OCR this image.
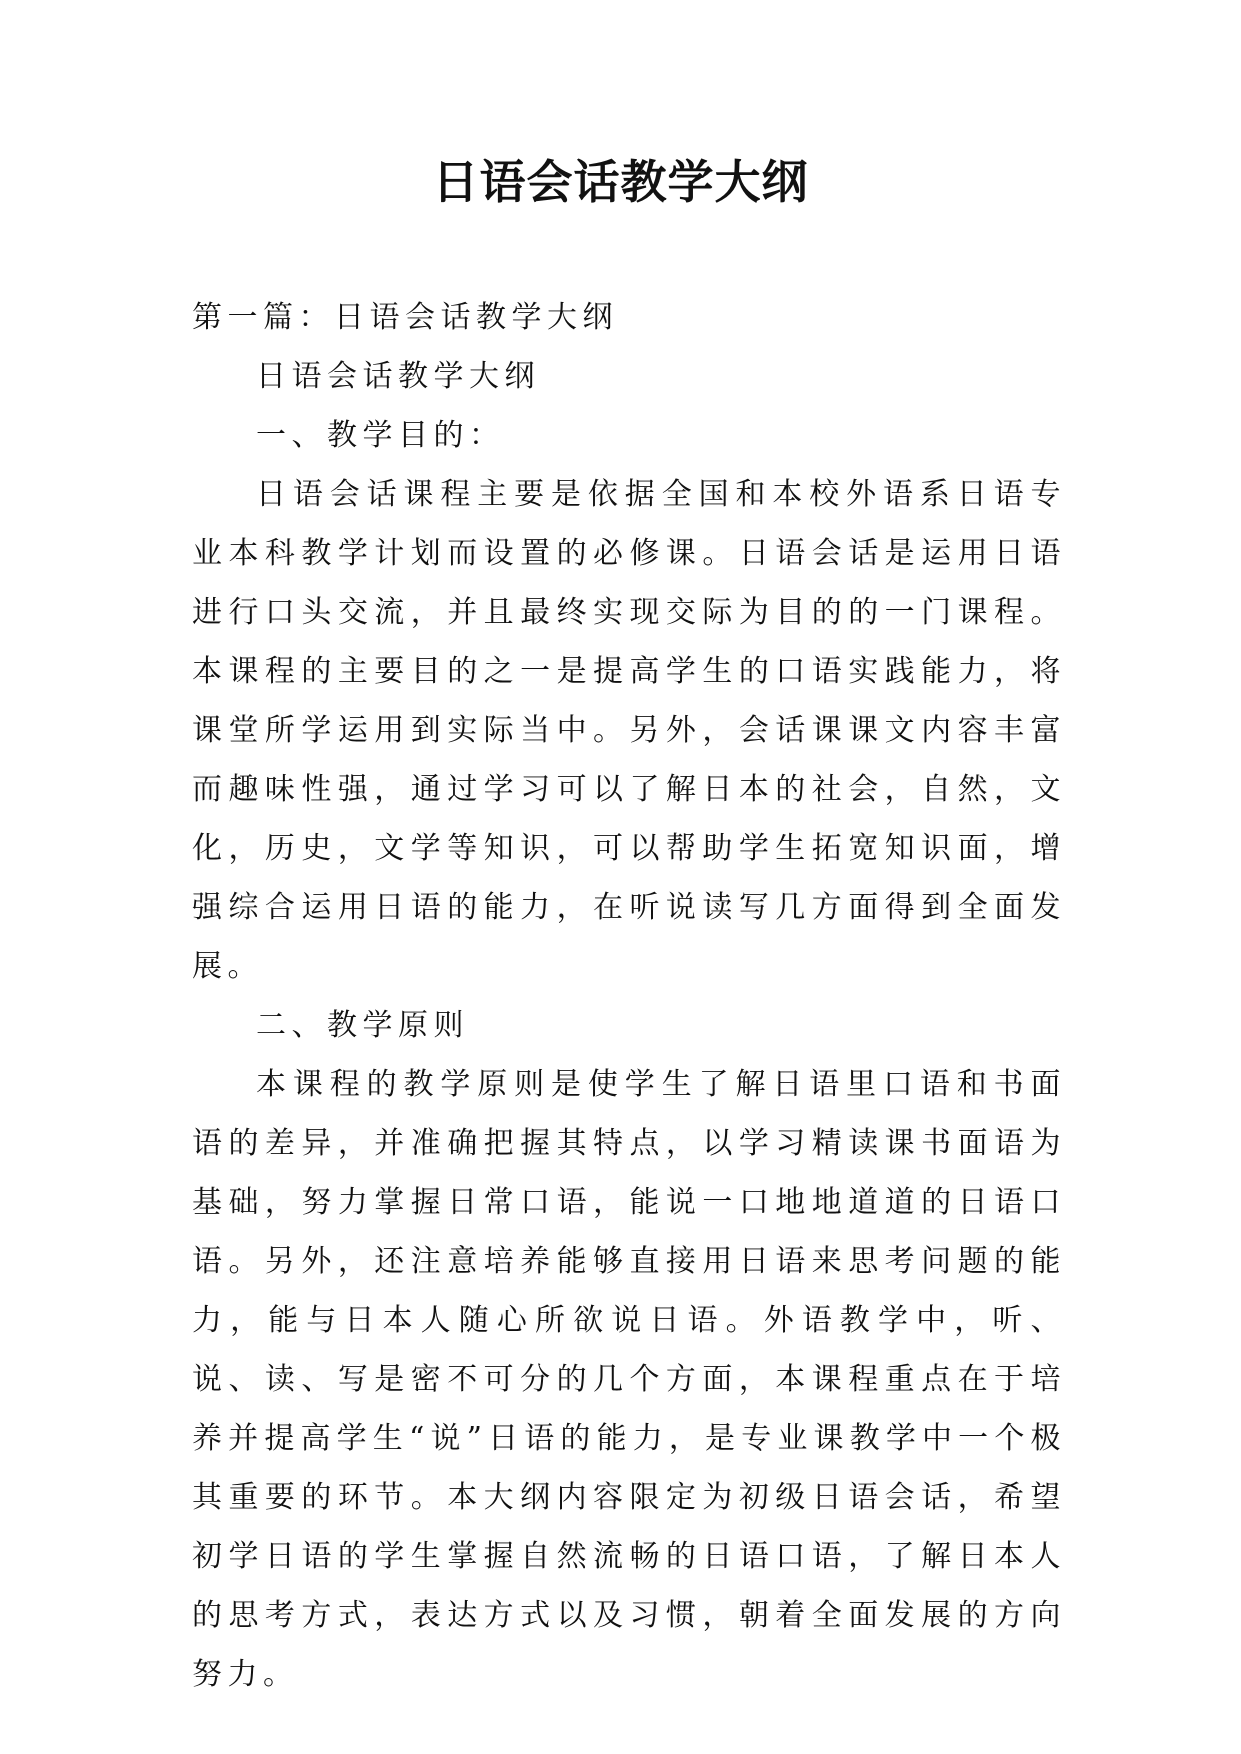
日语会话教学大纲

第一篇：日语会话教学大纲

日语会话教学大纲

一、教学目的：

日语会话课程主要是依据全国和本校外语系日语专业本科教学计划而设置的必修课。日语会话是运用日语进行口头交流，并且最终实现交际为目的的一门课程。本课程的主要目的之一是提高学生的口语实践能力，将课堂所学运用到实际当中。另外，会话课课文内容丰富而趣味性强，通过学习可以了解日本的社会，自然，文化，历史，文学等知识，可以帮助学生拓宽知识面，增强综合运用日语的能力，在听说读写几方面得到全面发展。

二、教学原则

本课程的教学原则是使学生了解日语里口语和书面语的差异，并准确把握其特点，以学习精读课书面语为基础，努力掌握日常口语，能说一口地地道道的日语口语。另外，还注意培养能够直接用日语来思考问题的能力，能与日本人随心所欲说日语。外语教学中，听、说、读、写是密不可分的几个方面，本课程重点在于培养并提高学生“说”日语的能力，是专业课教学中一个极其重要的环节。本大纲内容限定为初级日语会话，希望初学日语的学生掌握自然流畅的日语口语，了解日本人的思考方式，表达方式以及习惯，朝着全面发展的方向努力。
